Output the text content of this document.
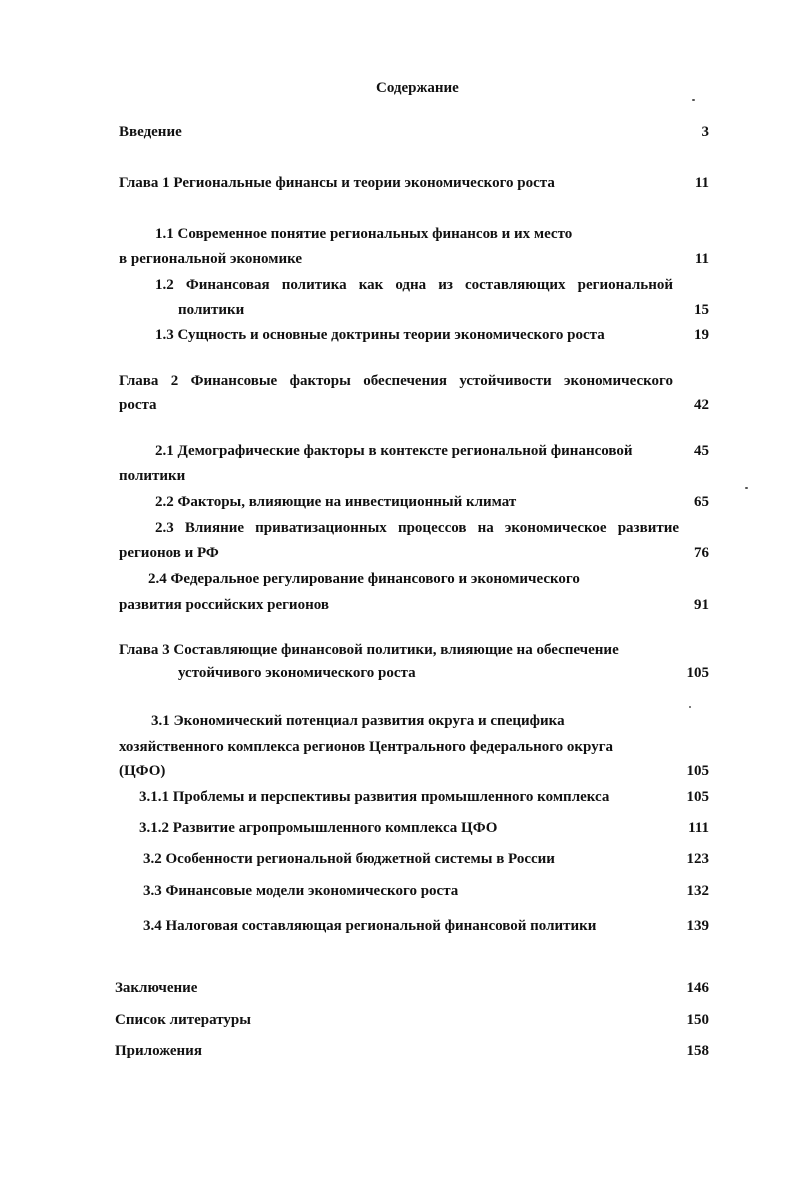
Содержание
Введение	3
Глава 1 Региональные финансы и теории экономического роста	11
1.1 Современное понятие региональных финансов и их место
в региональной экономике	11
1.2 Финансовая политика как одна из составляющих региональной
политики	15
1.3 Сущность и основные доктрины теории экономического роста	19
Глава 2 Финансовые факторы обеспечения устойчивости экономического
роста	42
2.1 Демографические факторы в контексте региональной финансовой	45
политики
2.2 Факторы, влияющие на инвестиционный климат	65
2.3 Влияние приватизационных процессов на экономическое развитие
регионов и РФ	76
2.4 Федеральное регулирование финансового и экономического
развития российских регионов	91
Глава 3 Составляющие финансовой политики, влияющие на обеспечение
устойчивого экономического роста	105
3.1 Экономический потенциал развития округа и специфика
хозяйственного комплекса регионов Центрального федерального округа
(ЦФО)	105
3.1.1 Проблемы и перспективы развития промышленного комплекса	105
3.1.2 Развитие агропромышленного комплекса ЦФО	111
3.2 Особенности региональной бюджетной системы в России	123
3.3 Финансовые модели экономического роста	132
3.4 Налоговая составляющая региональной финансовой политики	139
Заключение	146
Список литературы	150
Приложения	158
